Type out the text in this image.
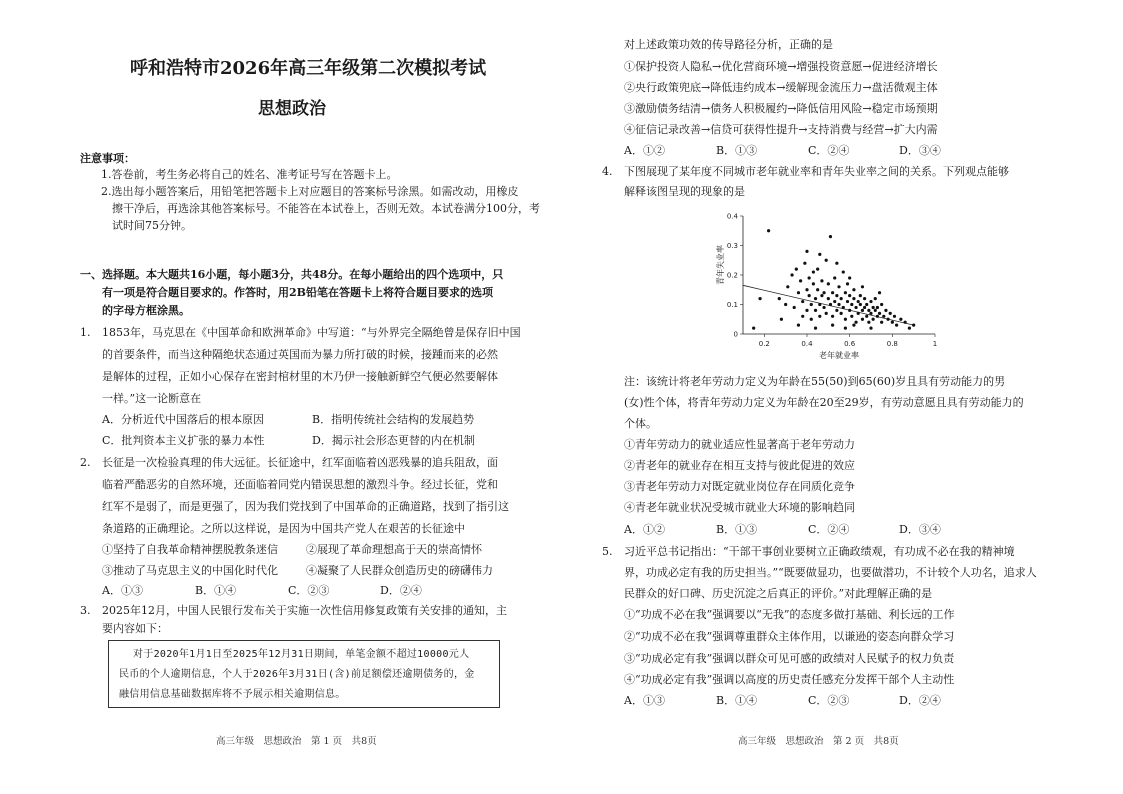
呼和浩特市2026年高三年级第二次模拟考试
思想政治
注意事项：
1.答卷前，考生务必将自己的姓名、准考证号写在答题卡上。
2.选出每小题答案后，用铅笔把答题卡上对应题目的答案标号涂黑。如需改动，用橡皮
擦干净后，再选涂其他答案标号。不能答在本试卷上，否则无效。本试卷满分100分，考
试时间75分钟。
一、选择题。本大题共16小题，每小题3分，共48分。在每小题给出的四个选项中，只
有一项是符合题目要求的。作答时，用2B铅笔在答题卡上将符合题目要求的选项
的字母方框涂黑。
1. 1853年，马克思在《中国革命和欧洲革命》中写道：“与外界完全隔绝曾是保存旧中国
的首要条件，而当这种隔绝状态通过英国而为暴力所打破的时候，接踵而来的必然
是解体的过程，正如小心保存在密封棺材里的木乃伊一接触新鲜空气便必然要解体
一样。”这一论断意在
A．分析近代中国落后的根本原因	B．指明传统社会结构的发展趋势
C．批判资本主义扩张的暴力本性	D．揭示社会形态更替的内在机制
2. 长征是一次检验真理的伟大远征。长征途中，红军面临着凶恶残暴的追兵阻敌，面
临着严酷恶劣的自然环境，还面临着同党内错误思想的激烈斗争。经过长征，党和
红军不是弱了，而是更强了，因为我们党找到了中国革命的正确道路，找到了指引这
条道路的正确理论。之所以这样说，是因为中国共产党人在艰苦的长征途中
①坚持了自我革命精神摆脱教条迷信	②展现了革命理想高于天的崇高情怀
③推动了马克思主义的中国化时代化	④凝聚了人民群众创造历史的磅礴伟力
A．①③	B．①④	C．②③	D．②④
3. 2025年12月，中国人民银行发布关于实施一次性信用修复政策有关安排的通知，主
要内容如下：
对于2020年1月1日至2025年12月31日期间，单笔金额不超过10000元人
民币的个人逾期信息，个人于2026年3月31日(含)前足额偿还逾期债务的，金
融信用信息基础数据库将不予展示相关逾期信息。
高三年级　思想政治　第 1 页　共8页
对上述政策功效的传导路径分析，正确的是
①保护投资人隐私→优化营商环境→增强投资意愿→促进经济增长
②央行政策兜底→降低违约成本→缓解现金流压力→盘活微观主体
③激励债务结清→债务人积极履约→降低信用风险→稳定市场预期
④征信记录改善→信贷可获得性提升→支持消费与经营→扩大内需
A．①②	B．①③	C．②④	D．③④
4. 下图展现了某年度不同城市老年就业率和青年失业率之间的关系。下列观点能够
解释该图呈现的现象的是
0.2	0.4	0.6	0.8	1
0
0.1
0.2
0.3
0.4
老年就业率
青年失业率
注：该统计将老年劳动力定义为年龄在55(50)到65(60)岁且具有劳动能力的男
(女)性个体，将青年劳动力定义为年龄在20至29岁，有劳动意愿且具有劳动能力的
个体。
①青年劳动力的就业适应性显著高于老年劳动力
②青老年的就业存在相互支持与彼此促进的效应
③青老年劳动力对既定就业岗位存在同质化竞争
④青老年就业状况受城市就业大环境的影响趋同
A．①②	B．①③	C．②④	D．③④
5. 习近平总书记指出：“干部干事创业要树立正确政绩观，有功成不必在我的精神境
界，功成必定有我的历史担当。”“既要做显功，也要做潜功，不计较个人功名，追求人
民群众的好口碑、历史沉淀之后真正的评价。”对此理解正确的是
①“功成不必在我”强调要以“无我”的态度多做打基础、利长远的工作
②“功成不必在我”强调尊重群众主体作用，以谦逊的姿态向群众学习
③“功成必定有我”强调以群众可见可感的政绩对人民赋予的权力负责
④“功成必定有我”强调以高度的历史责任感充分发挥干部个人主动性
A．①③	B．①④	C．②③	D．②④
高三年级　思想政治　第 2 页　共8页
